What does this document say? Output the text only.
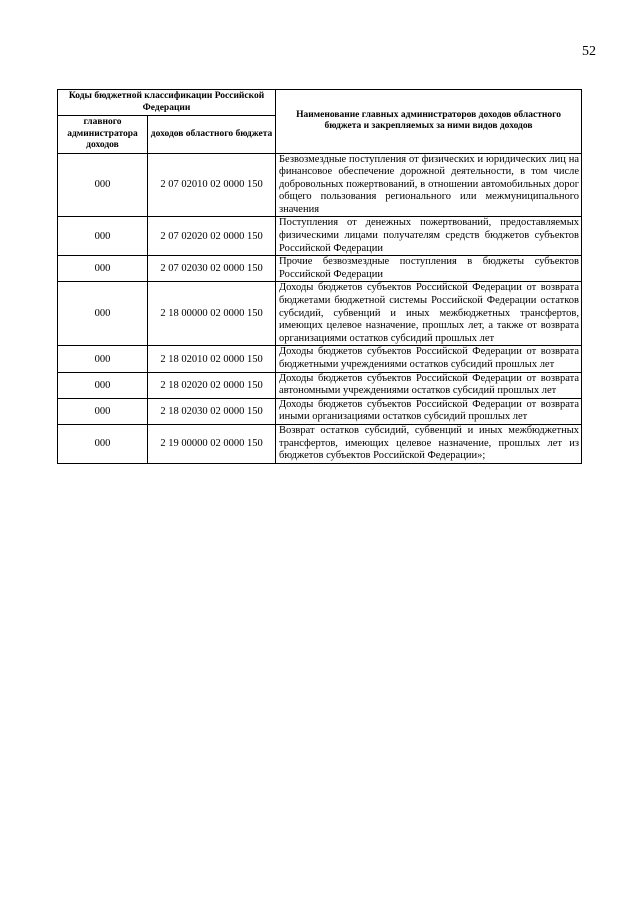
52
Коды бюджетной классификации Российской Федерации		Наименование главных администраторов доходов областного бюджета и закрепляемых за ними видов доходов
главного администратора доходов	доходов областного бюджета	
000	2 07 02010 02 0000 150	Безвозмездные поступления от физических и юридических лиц на финансовое обеспечение дорожной деятельности, в том числе добровольных пожертвований, в отношении автомобильных дорог общего пользования регионального или межмуниципального значения
000	2 07 02020 02 0000 150	Поступления от денежных пожертвований, предоставляемых физическими лицами получателям средств бюджетов субъектов Российской Федерации
000	2 07 02030 02 0000 150	Прочие безвозмездные поступления в бюджеты субъектов Российской Федерации
000	2 18 00000 02 0000 150	Доходы бюджетов субъектов Российской Федерации от возврата бюджетами бюджетной системы Российской Федерации остатков субсидий, субвенций и иных межбюджетных трансфертов, имеющих целевое назначение, прошлых лет, а также от возврата организациями остатков субсидий прошлых лет
000	2 18 02010 02 0000 150	Доходы бюджетов субъектов Российской Федерации от возврата бюджетными учреждениями остатков субсидий прошлых лет
000	2 18 02020 02 0000 150	Доходы бюджетов субъектов Российской Федерации от возврата автономными учреждениями остатков субсидий прошлых лет
000	2 18 02030 02 0000 150	Доходы бюджетов субъектов Российской Федерации от возврата иными организациями остатков субсидий прошлых лет
000	2 19 00000 02 0000 150	Возврат остатков субсидий, субвенций и иных межбюджетных трансфертов, имеющих целевое назначение, прошлых лет из бюджетов субъектов Российской Федерации»;
